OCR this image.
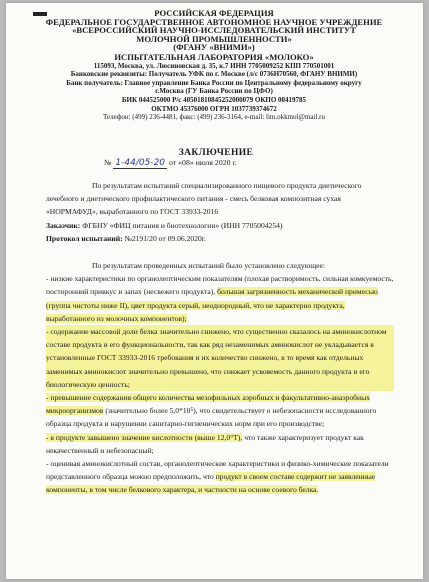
РОССИЙСКАЯ ФЕДЕРАЦИЯ
ФЕДЕРАЛЬНОЕ ГОСУДАРСТВЕННОЕ АВТОНОМНОЕ НАУЧНОЕ УЧРЕЖДЕНИЕ
«ВСЕРОССИЙСКИЙ НАУЧНО-ИССЛЕДОВАТЕЛЬСКИЙ ИНСТИТУТ
МОЛОЧНОЙ ПРОМЫШЛЕННОСТИ»
(ФГАНУ «ВНИМИ»)
ИСПЫТАТЕЛЬНАЯ ЛАБОРАТОРИЯ «МОЛОКО»
115093, Москва, ул. Люсиновская д. 35, к.7 ИНН 7705009252 КПП 770501001
Банковские реквизиты: Получатель УФК по г. Москве (л/с 0736Н70560, ФГАНУ ВНИМИ)
Банк получатель: Главное управление Банка России по Центральному федеральному округу
г.Москва (ГУ Банка России по ЦФО)
БИК 044525000 Р/с 40501810845252000079 ОКПО 00419785
ОКТМО 45376000 ОГРН 1037739374672
Телефон: (499) 236-4481, факс: (499) 236-3164, e-mail: lim.okkmol@mail.ru
ЗАКЛЮЧЕНИЕ
№ 1-44/05-20 от «08» июля 2020 г.

По результатам испытаний специализированного пищевого продукта диетического лечебного и диетического профилактического питания - смесь белковая композитная сухая «НОРМАФУД», выработанного по ГОСТ 33933-2016

Заказчик: ФГБНУ «ФИЦ питания и биотехнологии» (ИНН 7705004254)

Протокол испытаний: №2191/20 от 09.06.2020г.

По результатам проведенных испытаний было установлено следующее:

- низкие характеристики по органолептическим показателям (плохая растворимость, сильная комкуемость, посторонний привкус и запах (несвежего продукта), большая загрязненность механической примесью (группа чистоты ниже II), цвет продукта серый, неоднородный, что не характерно продукта, выработанного из молочных компонентов);

- содержание массовой доли белка значительно снижено, что существенно сказалось на аминокислотном составе продукта и его функциональности, так как ряд незаменимых аминокислот не укладывается в установленные ГОСТ 33933-2016 требования и их количество снижено, в то время как отдельных заменимых аминокислот значительно превышено, что снижает усвояемость данного продукта и его биологическую ценность;

- превышение содержания общего количества мезофильных аэробных и факультативно-анаэробных микроорганизмов (значительно более 5,0*10⁵), что свидетельствует о небезопасности исследованного образца продукта и нарушении санитарно-гигиенических норм при его производстве;

- в продукте завышено значение кислотности (выше 12,0°Т), что также характеризует продукт как некачественный и небезопасный;

- оценивая аминокислотный состав, органолептические характеристики и физико-химические показатели представленного образца можно предположить, что продукт в своем составе содержит не заявленные компоненты, в том числе белкового характера, и частности на основе соевого белка.
